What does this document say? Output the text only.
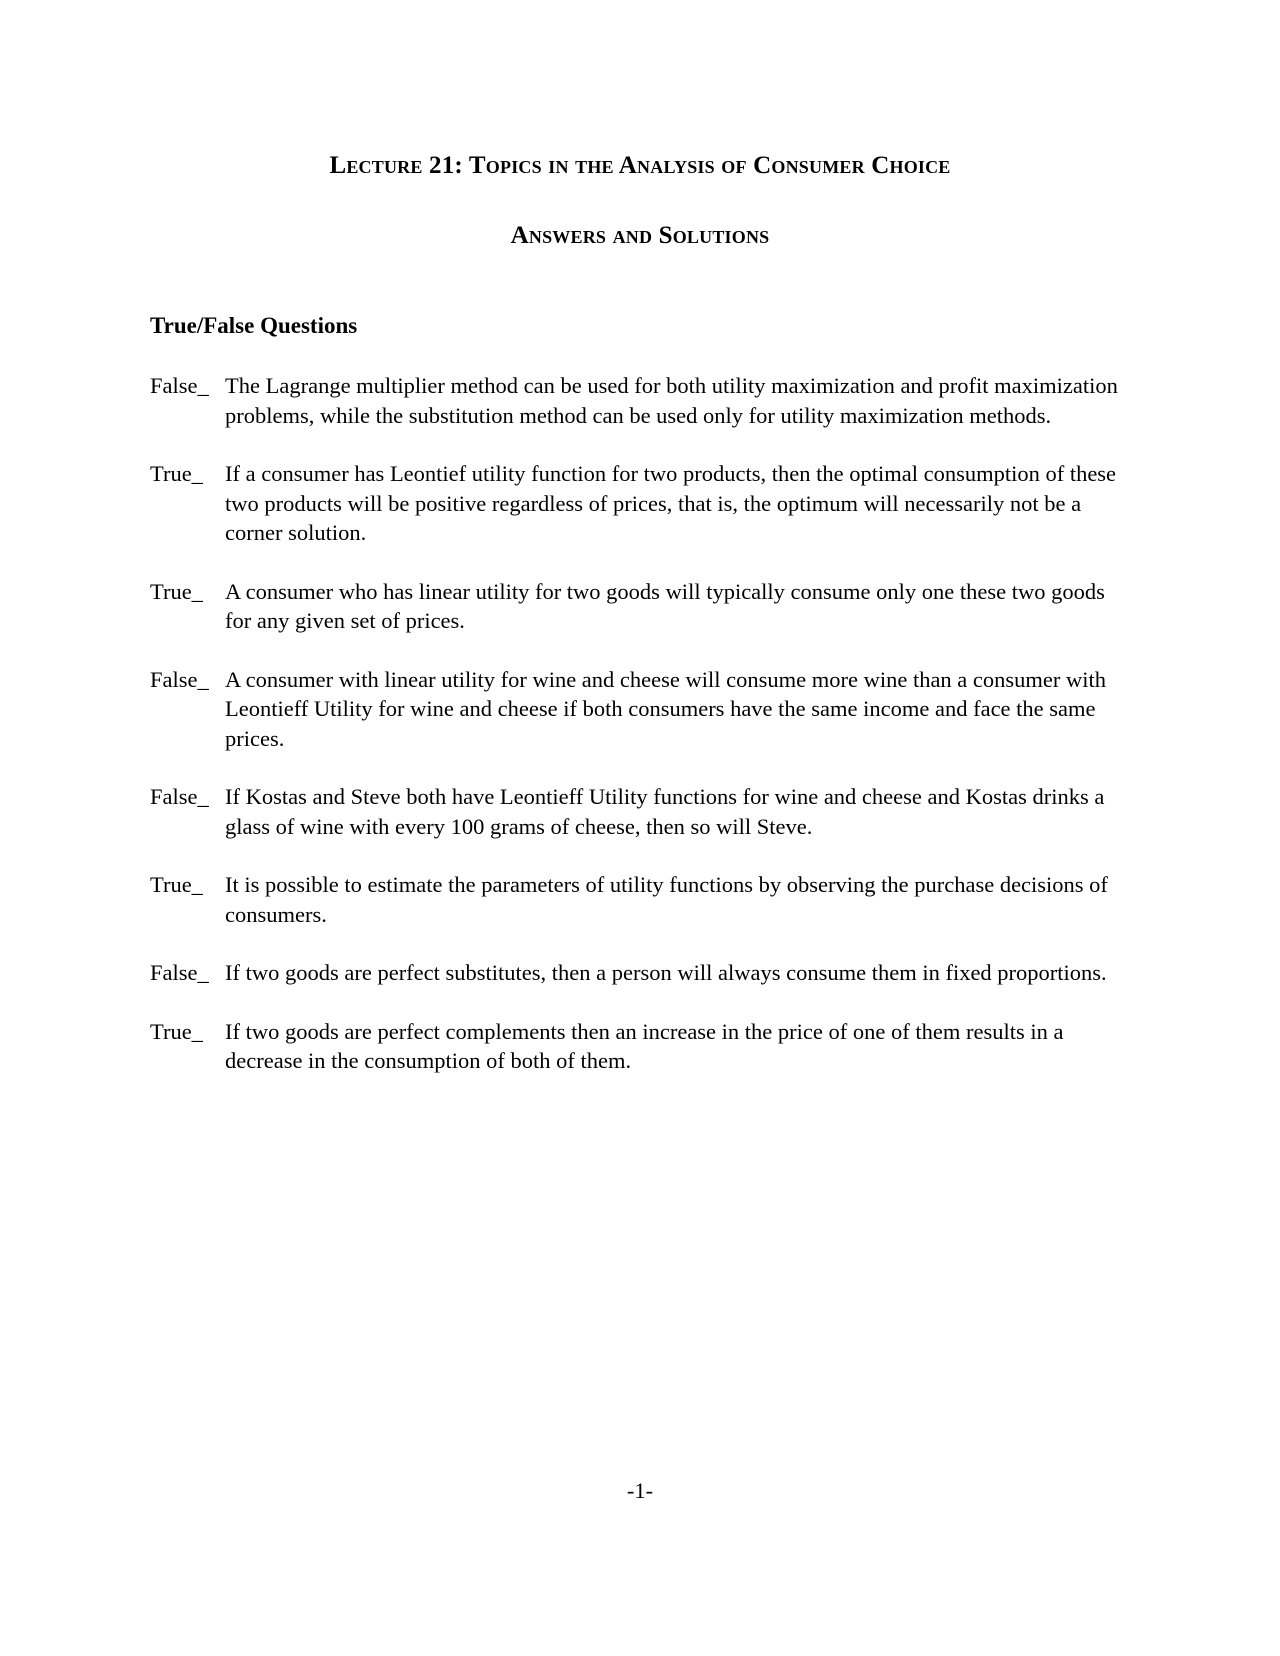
Lecture 21: Topics in the Analysis of Consumer Choice
Answers and Solutions
True/False Questions
False_ The Lagrange multiplier method can be used for both utility maximization and profit maximization problems, while the substitution method can be used only for utility maximization methods.
True_ If a consumer has Leontief utility function for two products, then the optimal consumption of these two products will be positive regardless of prices, that is, the optimum will necessarily not be a corner solution.
True_ A consumer who has linear utility for two goods will typically consume only one these two goods for any given set of prices.
False_ A consumer with linear utility for wine and cheese will consume more wine than a consumer with Leontieff Utility for wine and cheese if both consumers have the same income and face the same prices.
False_ If Kostas and Steve both have Leontieff Utility functions for wine and cheese and Kostas drinks a glass of wine with every 100 grams of cheese, then so will Steve.
True_ It is possible to estimate the parameters of utility functions by observing the purchase decisions of consumers.
False_ If two goods are perfect substitutes, then a person will always consume them in fixed proportions.
True_ If two goods are perfect complements then an increase in the price of one of them results in a decrease in the consumption of both of them.
-1-
